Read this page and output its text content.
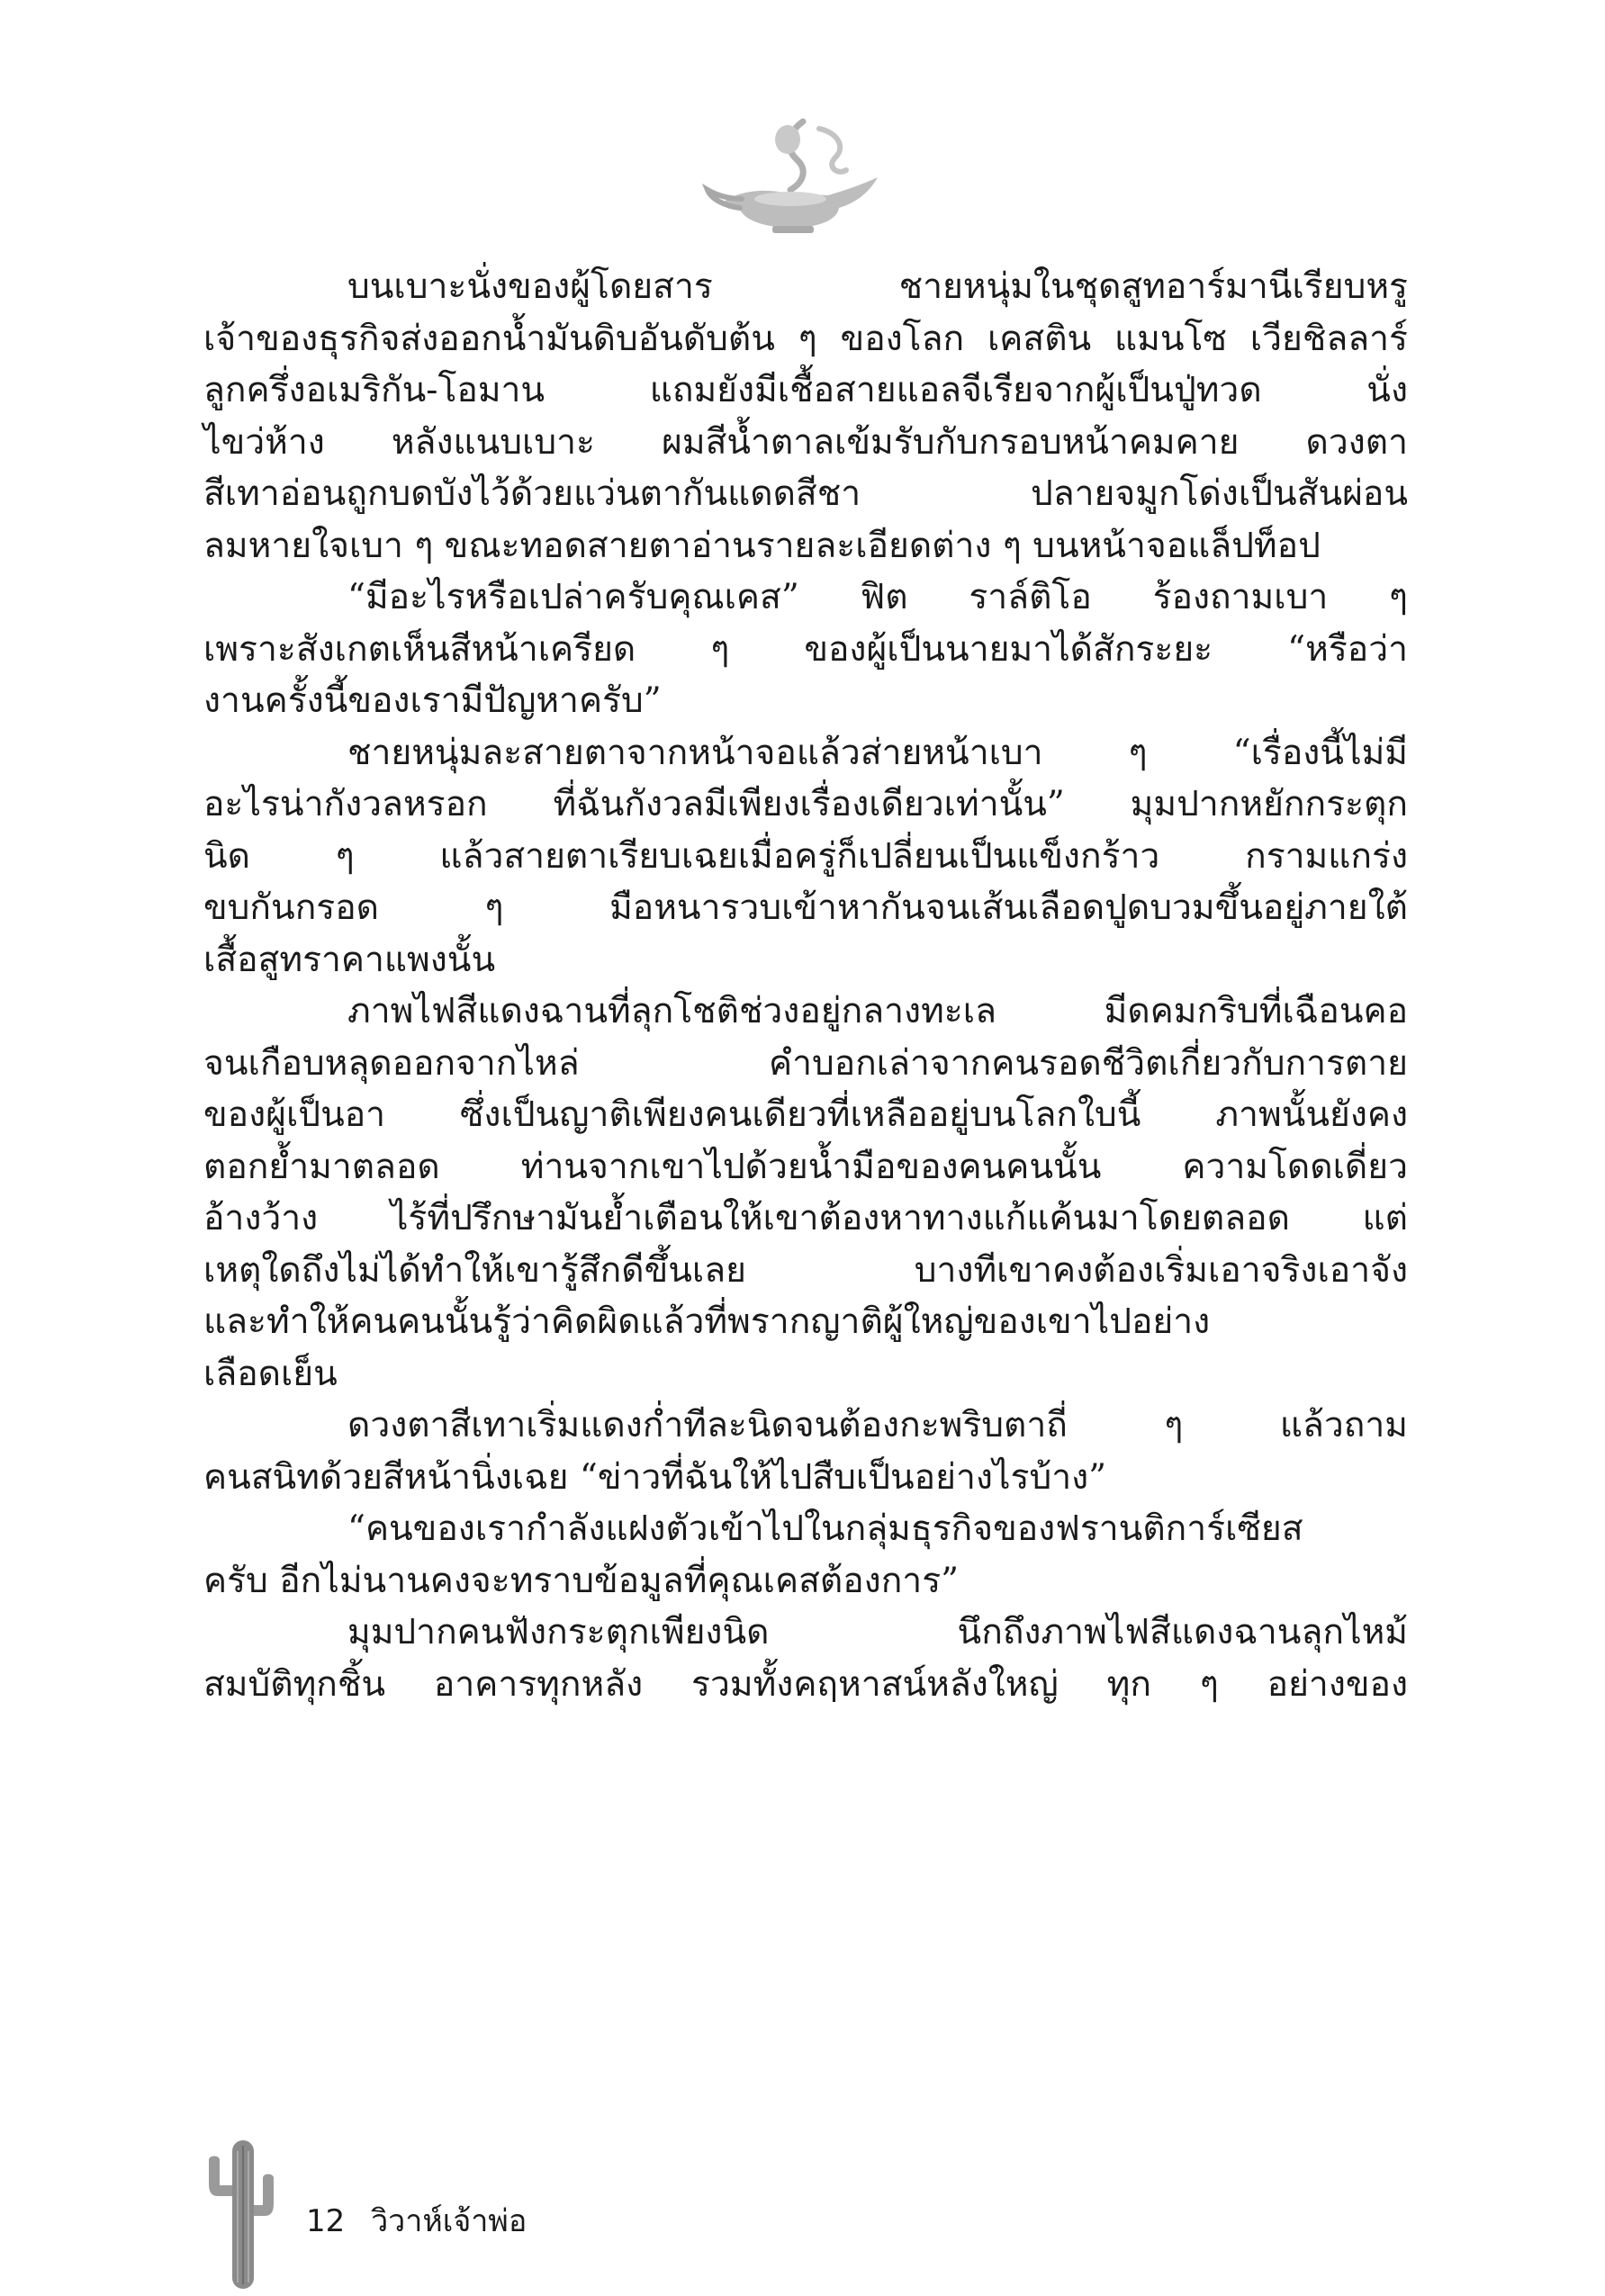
บนเบาะนั่งของผู้โดยสาร ชายหนุ่มในชุดสูทอาร์มานีเรียบหรู
เจ้าของธุรกิจส่งออกน้ำมันดิบอันดับต้น ๆ ของโลก เคสติน แมนโซ เวียชิลลาร์
ลูกครึ่งอเมริกัน-โอมาน แถมยังมีเชื้อสายแอลจีเรียจากผู้เป็นปู่ทวด นั่ง
ไขว่ห้าง หลังแนบเบาะ ผมสีน้ำตาลเข้มรับกับกรอบหน้าคมคาย ดวงตา
สีเทาอ่อนถูกบดบังไว้ด้วยแว่นตากันแดดสีชา ปลายจมูกโด่งเป็นสันผ่อน
ลมหายใจเบา ๆ ขณะทอดสายตาอ่านรายละเอียดต่าง ๆ บนหน้าจอแล็ปท็อป
“มีอะไรหรือเปล่าครับคุณเคส” ฟิต ราล์ติโอ ร้องถามเบา ๆ
เพราะสังเกตเห็นสีหน้าเครียด ๆ ของผู้เป็นนายมาได้สักระยะ “หรือว่า
งานครั้งนี้ของเรามีปัญหาครับ”
ชายหนุ่มละสายตาจากหน้าจอแล้วส่ายหน้าเบา ๆ “เรื่องนี้ไม่มี
อะไรน่ากังวลหรอก ที่ฉันกังวลมีเพียงเรื่องเดียวเท่านั้น” มุมปากหยักกระตุก
นิด ๆ แล้วสายตาเรียบเฉยเมื่อครู่ก็เปลี่ยนเป็นแข็งกร้าว กรามแกร่ง
ขบกันกรอด ๆ มือหนารวบเข้าหากันจนเส้นเลือดปูดบวมขึ้นอยู่ภายใต้
เสื้อสูทราคาแพงนั้น
ภาพไฟสีแดงฉานที่ลุกโชติช่วงอยู่กลางทะเล มีดคมกริบที่เฉือนคอ
จนเกือบหลุดออกจากไหล่ คำบอกเล่าจากคนรอดชีวิตเกี่ยวกับการตาย
ของผู้เป็นอา ซึ่งเป็นญาติเพียงคนเดียวที่เหลืออยู่บนโลกใบนี้ ภาพนั้นยังคง
ตอกย้ำมาตลอด ท่านจากเขาไปด้วยน้ำมือของคนคนนั้น ความโดดเดี่ยว
อ้างว้าง ไร้ที่ปรึกษามันย้ำเตือนให้เขาต้องหาทางแก้แค้นมาโดยตลอด แต่
เหตุใดถึงไม่ได้ทำให้เขารู้สึกดีขึ้นเลย บางทีเขาคงต้องเริ่มเอาจริงเอาจัง
และทำให้คนคนนั้นรู้ว่าคิดผิดแล้วที่พรากญาติผู้ใหญ่ของเขาไปอย่าง
เลือดเย็น
ดวงตาสีเทาเริ่มแดงก่ำทีละนิดจนต้องกะพริบตาถี่ ๆ แล้วถาม
คนสนิทด้วยสีหน้านิ่งเฉย “ข่าวที่ฉันให้ไปสืบเป็นอย่างไรบ้าง”
“คนของเรากำลังแฝงตัวเข้าไปในกลุ่มธุรกิจของฟรานติการ์เซียส
ครับ อีกไม่นานคงจะทราบข้อมูลที่คุณเคสต้องการ”
มุมปากคนฟังกระตุกเพียงนิด นึกถึงภาพไฟสีแดงฉานลุกไหม้
สมบัติทุกชิ้น อาคารทุกหลัง รวมทั้งคฤหาสน์หลังใหญ่ ทุก ๆ อย่างของ
12 วิวาห์เจ้าพ่อ
